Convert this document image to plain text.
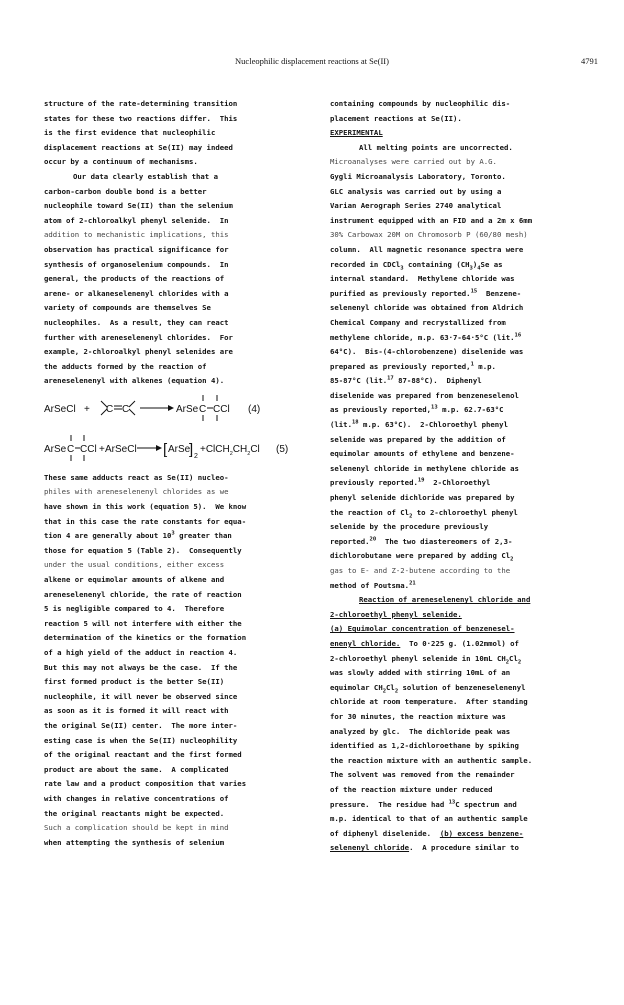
Nucleophilic displacement reactions at Se(II)	4791
structure of the rate-determining transition
states for these two reactions differ.  This
is the first evidence that nucleophilic
displacement reactions at Se(II) may indeed
occur by a continuum of mechanisms.
Our data clearly establish that a
carbon-carbon double bond is a better
nucleophile toward Se(II) than the selenium
atom of 2-chloroalkyl phenyl selenide.  In
addition to mechanistic implications, this
observation has practical significance for
synthesis of organoselenium compounds.  In
general, the products of the reactions of
arene- or alkaneselenenyl chlorides with a
variety of compounds are themselves Se
nucleophiles.  As a result, they can react
further with areneselenenyl chlorides.  For
example, 2-chloroalkyl phenyl selenides are
the adducts formed by the reaction of
areneselenenyl with alkenes (equation 4).
ArSeCl + C C	C
ArSe CCl (4)
C	[ ]
ArSe CCl + ArSeCl	ArSe
2
$+ClCH_2CH_2Cl$ (5)
These same adducts react as Se(II) nucleo-
philes with areneselenenyl chlorides as we
have shown in this work (equation 5).  We know
that in this case the rate constants for equa-
tion 4 are generally about $10^3$ greater than
those for equation 5 (Table 2).  Consequently
under the usual conditions, either excess
alkene or equimolar amounts of alkene and
areneselenenyl chloride, the rate of reaction
5 is negligible compared to 4.  Therefore
reaction 5 will not interfere with either the
determination of the kinetics or the formation
of a high yield of the adduct in reaction 4.
But this may not always be the case.  If the
first formed product is the better Se(II)
nucleophile, it will never be observed since
as soon as it is formed it will react with
the original Se(II) center.  The more inter-
esting case is when the Se(II) nucleophility
of the original reactant and the first formed
product are about the same.  A complicated
rate law and a product composition that varies
with changes in relative concentrations of
the original reactants might be expected.
Such a complication should be kept in mind
when attempting the synthesis of selenium
containing compounds by nucleophilic dis-
placement reactions at Se(II).
EXPERIMENTAL
All melting points are uncorrected.
Microanalyses were carried out by A.G.
Gygli Microanalysis Laboratory, Toronto.
GLC analysis was carried out by using a
Varian Aerograph Series 2740 analytical
instrument equipped with an FID and a 2m x 6mm
30% Carbowax 20M on Chromosorb P (60/80 mesh)
column.  All magnetic resonance spectra were
recorded in CDCl$_3$ containing $(CH_3)_4Se$ as
internal standard.  Methylene chloride was
purified as previously reported.$^{15}$  Benzene-
selenenyl chloride was obtained from Aldrich
Chemical Company and recrystallized from
methylene chloride, m.p. 63·7-64·5°C (lit.$^{16}$
64°C).  Bis-(4-chlorobenzene) diselenide was
prepared as previously reported,$^1$ m.p.
85-87°C (lit.$^{17}$ 87-88°C).  Diphenyl
diselenide was prepared from benzeneselenol
as previously reported,$^{13}$ m.p. 62.7-63°C
(lit.$^{18}$ m.p. 63°C).  2-Chloroethyl phenyl
selenide was prepared by the addition of
equimolar amounts of ethylene and benzene-
selenenyl chloride in methylene chloride as
previously reported.$^{19}$  2-Chloroethyl
phenyl selenide dichloride was prepared by
the reaction of $Cl_2$ to 2-chloroethyl phenyl
selenide by the procedure previously
reported.$^{20}$  The two diastereomers of 2,3-
dichlorobutane were prepared by adding $Cl_2$
gas to E- and Z-2-butene according to the
method of Poutsma.$^{21}$
Reaction of areneselenenyl chloride and
2-chloroethyl phenyl selenide.
(a) Equimolar concentration of benzenesel-
enenyl chloride.  To 0·225 g. (1.02mmol) of
2-chloroethyl phenyl selenide in 10mL $CH_2Cl_2$
was slowly added with stirring 10mL of an
equimolar $CH_2Cl_2$ solution of benzeneselenenyl
chloride at room temperature.  After standing
for 30 minutes, the reaction mixture was
analyzed by glc.  The dichloride peak was
identified as 1,2-dichloroethane by spiking
the reaction mixture with an authentic sample.
The solvent was removed from the remainder
of the reaction mixture under reduced
pressure.  The residue had $^{13}$C spectrum and
m.p. identical to that of an authentic sample
of diphenyl diselenide.  (b) excess benzene-
selenenyl chloride.  A procedure similar to
